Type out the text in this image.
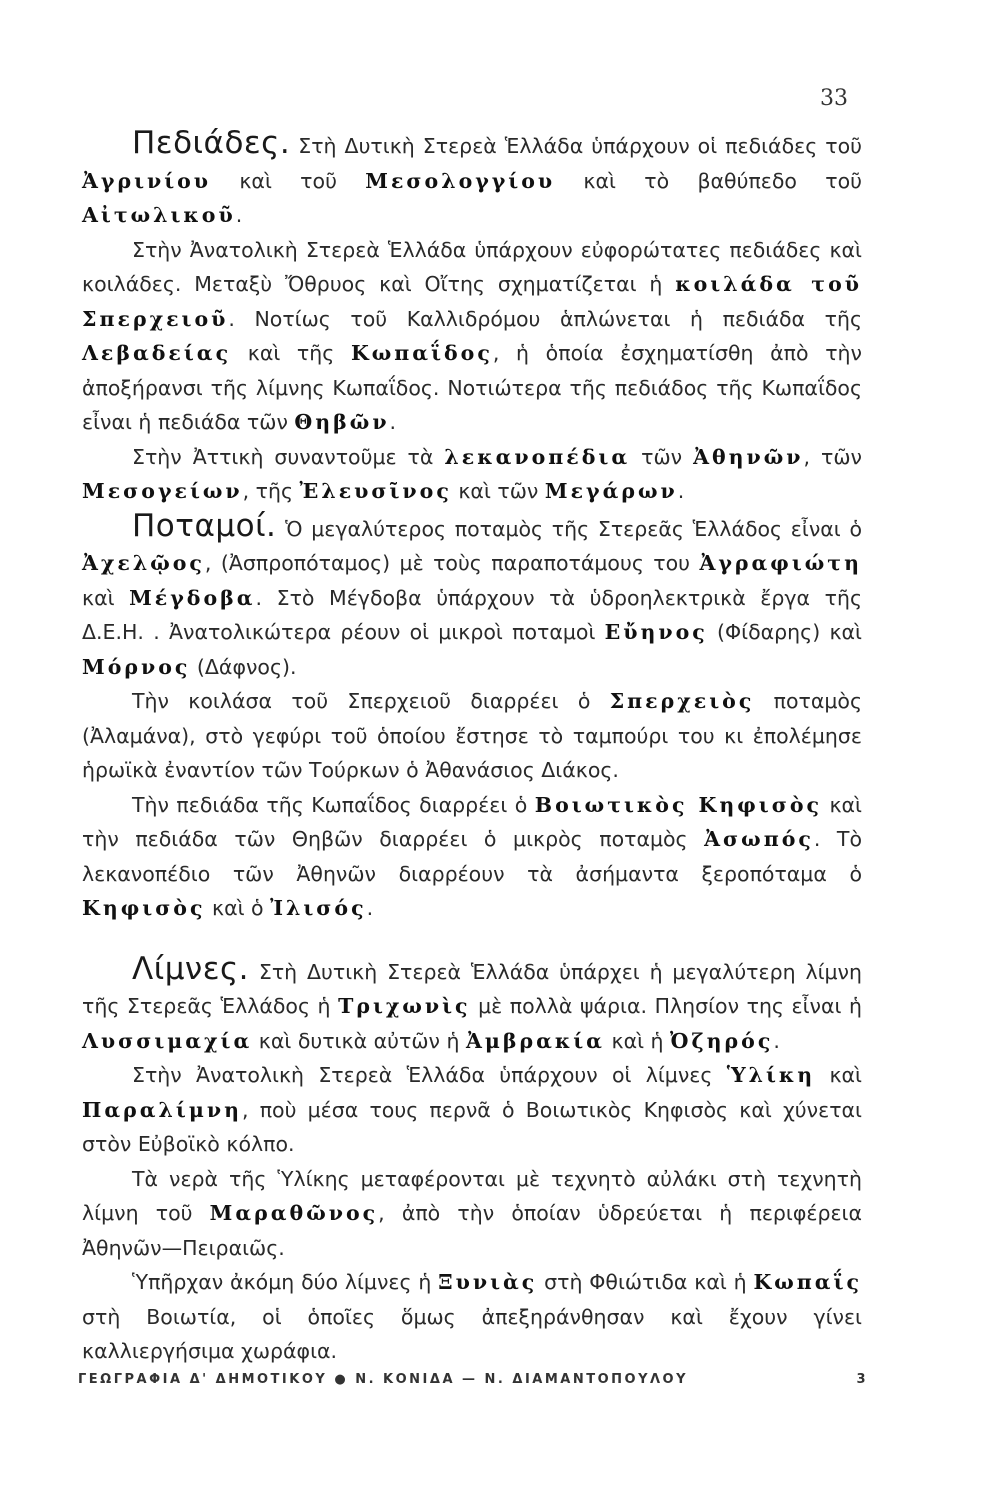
33

Πεδιάδες. Στὴ Δυτικὴ Στερεὰ Ἑλλάδα ὑπάρχουν οἱ πεδιάδες τοῦ Ἀγρινίου καὶ τοῦ Μεσολογγίου καὶ τὸ βαθύπεδο τοῦ Αἰτωλικοῦ.

Στὴν Ἀνατολικὴ Στερεὰ Ἑλλάδα ὑπάρχουν εὐφορώτατες πεδιάδες καὶ κοιλάδες. Μεταξὺ Ὄθρυος καὶ Οἴτης σχηματίζεται ἡ κοιλάδα τοῦ Σπερχειοῦ. Νοτίως τοῦ Καλλιδρόμου ἁπλώνεται ἡ πεδιάδα τῆς Λεβαδείας καὶ τῆς Κωπαΐδος, ἡ ὁποία ἐσχηματίσθη ἀπὸ τὴν ἀποξήρανσι τῆς λίμνης Κωπαΐδος. Νοτιώτερα τῆς πεδιάδος τῆς Κωπαΐδος εἶναι ἡ πεδιάδα τῶν Θηβῶν.

Στὴν Ἀττικὴ συναντοῦμε τὰ λεκανοπέδια τῶν Ἀθηνῶν, τῶν Μεσογείων, τῆς Ἐλευσῖνος καὶ τῶν Μεγάρων.

Ποταμοί. Ὁ μεγαλύτερος ποταμὸς τῆς Στερεᾶς Ἑλλάδος εἶναι ὁ Ἀχελῷος, (Ἀσπροπόταμος) μὲ τοὺς παραποτάμους του Ἀγραφιώτη καὶ Μέγδοβα. Στὸ Μέγδοβα ὑπάρχουν τὰ ὑδροηλεκτρικὰ ἔργα τῆς Δ.Ε.Η. . Ἀνατολικώτερα ρέουν οἱ μικροὶ ποταμοὶ Εὔηνος (Φίδαρης) καὶ Μόρνος (Δάφνος).

Τὴν κοιλάσα τοῦ Σπερχειοῦ διαρρέει ὁ Σπερχειὸς ποταμὸς (Ἀλαμάνα), στὸ γεφύρι τοῦ ὁποίου ἔστησε τὸ ταμπούρι του κι ἐπολέμησε ἡρωϊκὰ ἐναντίον τῶν Τούρκων ὁ Ἀθανάσιος Διάκος.

Τὴν πεδιάδα τῆς Κωπαΐδος διαρρέει ὁ Βοιωτικὸς Κηφισὸς καὶ τὴν πεδιάδα τῶν Θηβῶν διαρρέει ὁ μικρὸς ποταμὸς Ἀσωπός. Τὸ λεκανοπέδιο τῶν Ἀθηνῶν διαρρέουν τὰ ἀσήμαντα ξεροπόταμα ὁ Κηφισὸς καὶ ὁ Ἰλισός.

Λίμνες. Στὴ Δυτικὴ Στερεὰ Ἑλλάδα ὑπάρχει ἡ μεγαλύτερη λίμνη τῆς Στερεᾶς Ἑλλάδος ἡ Τριχωνὶς μὲ πολλὰ ψάρια. Πλησίον της εἶναι ἡ Λυσσιμαχία καὶ δυτικὰ αὐτῶν ἡ Ἀμβρακία καὶ ἡ Ὀζηρός.

Στὴν Ἀνατολικὴ Στερεὰ Ἑλλάδα ὑπάρχουν οἱ λίμνες Ὑλίκη καὶ Παραλίμνη, ποὺ μέσα τους περνᾶ ὁ Βοιωτικὸς Κηφισὸς καὶ χύνεται στὸν Εὐβοϊκὸ κόλπο.

Τὰ νερὰ τῆς Ὑλίκης μεταφέρονται μὲ τεχνητὸ αὐλάκι στὴ τεχνητὴ λίμνη τοῦ Μαραθῶνος, ἀπὸ τὴν ὁποίαν ὑδρεύεται ἡ περιφέρεια Ἀθηνῶν—Πειραιῶς.

Ὑπῆρχαν ἀκόμη δύο λίμνες ἡ Ξυνιὰς στὴ Φθιώτιδα καὶ ἡ Κωπαΐς στὴ Βοιωτία, οἱ ὁποῖες ὅμως ἀπεξηράνθησαν καὶ ἔχουν γίνει καλλιεργήσιμα χωράφια.

ΓΕΩΓΡΑΦΙΑ Δ' ΔΗΜΟΤΙΚΟΥ ● Ν. ΚΟΝΙΔΑ — Ν. ΔΙΑΜΑΝΤΟΠΟΥΛΟΥ	3
